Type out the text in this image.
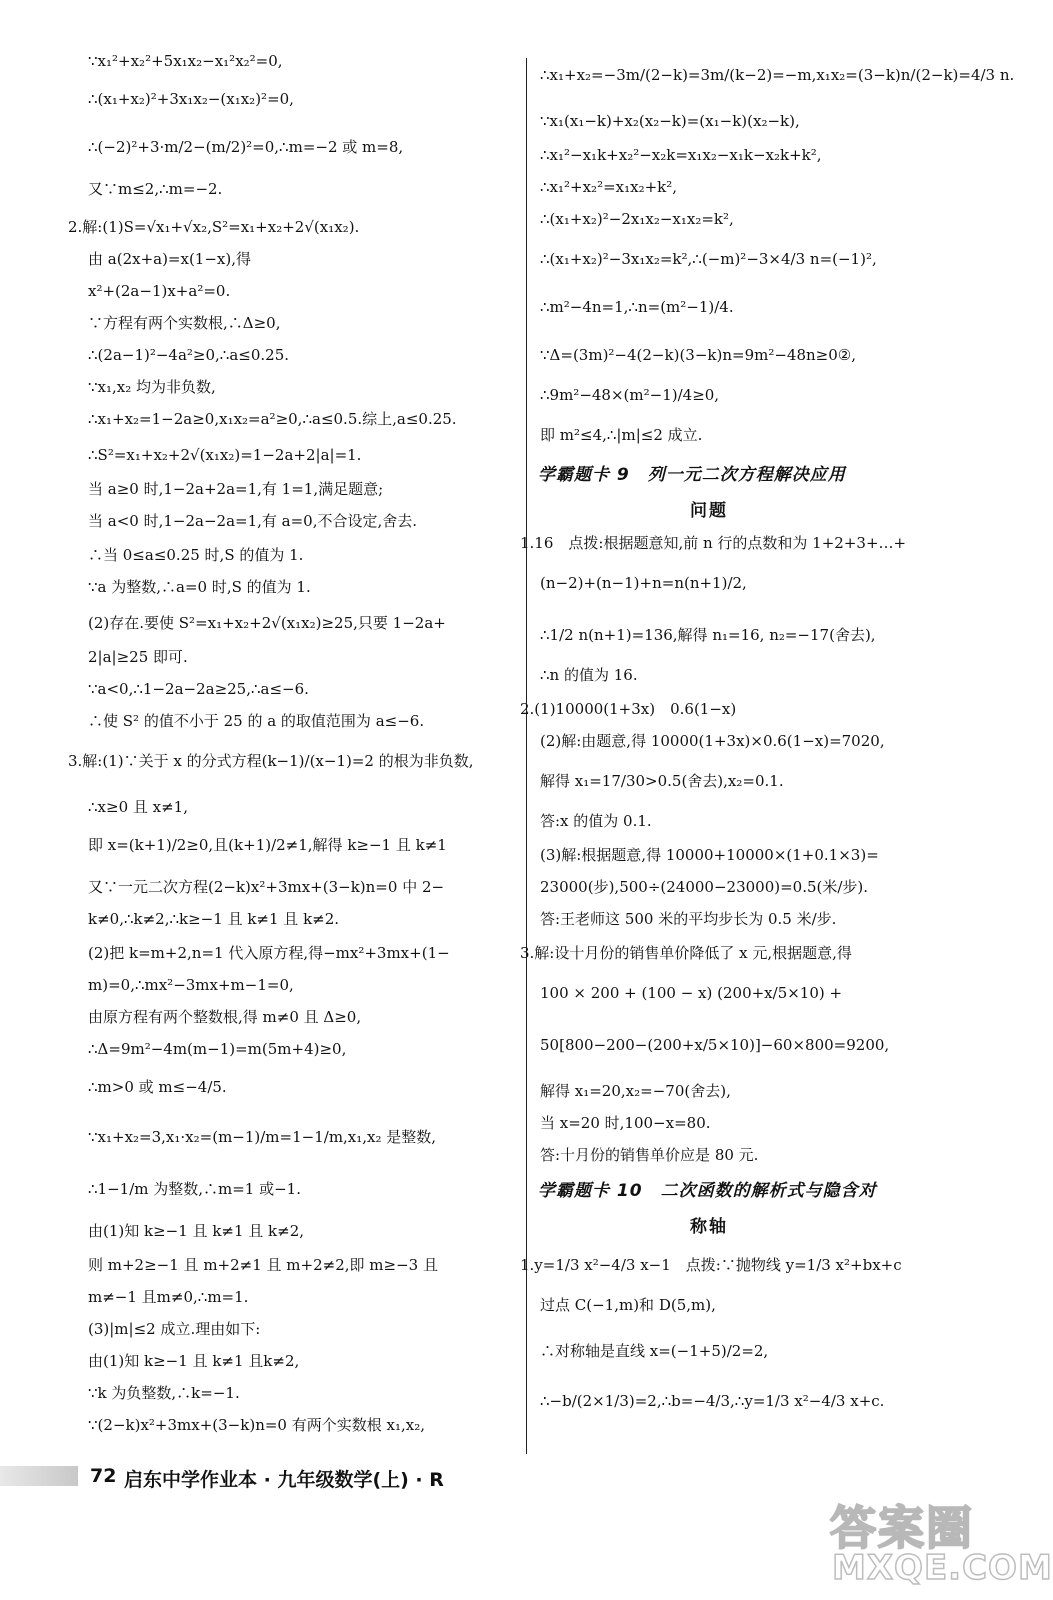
∵x₁²+x₂²+5x₁x₂−x₁²x₂²=0,
∴(x₁+x₂)²+3x₁x₂−(x₁x₂)²=0,
∴(−2)²+3·m/2−(m/2)²=0,∴m=−2 或 m=8,
又∵m≤2,∴m=−2.
2.解:(1)S=√x₁+√x₂,S²=x₁+x₂+2√(x₁x₂).
由 a(2x+a)=x(1−x),得
x²+(2a−1)x+a²=0.
∵方程有两个实数根,∴Δ≥0,
∴(2a−1)²−4a²≥0,∴a≤0.25.
∵x₁,x₂ 均为非负数,
∴x₁+x₂=1−2a≥0,x₁x₂=a²≥0,∴a≤0.5.综上,a≤0.25.
∴S²=x₁+x₂+2√(x₁x₂)=1−2a+2|a|=1.
当 a≥0 时,1−2a+2a=1,有 1=1,满足题意;
当 a<0 时,1−2a−2a=1,有 a=0,不合设定,舍去.
∴当 0≤a≤0.25 时,S 的值为 1.
∵a 为整数,∴a=0 时,S 的值为 1.
(2)存在.要使 S²=x₁+x₂+2√(x₁x₂)≥25,只要 1−2a+
2|a|≥25 即可.
∵a<0,∴1−2a−2a≥25,∴a≤−6.
∴使 S² 的值不小于 25 的 a 的取值范围为 a≤−6.
3.解:(1)∵关于 x 的分式方程(k−1)/(x−1)=2 的根为非负数,
∴x≥0 且 x≠1,
即 x=(k+1)/2≥0,且(k+1)/2≠1,解得 k≥−1 且 k≠1
又∵一元二次方程(2−k)x²+3mx+(3−k)n=0 中 2−
k≠0,∴k≠2,∴k≥−1 且 k≠1 且 k≠2.
(2)把 k=m+2,n=1 代入原方程,得−mx²+3mx+(1−
m)=0,∴mx²−3mx+m−1=0,
由原方程有两个整数根,得 m≠0 且 Δ≥0,
∴Δ=9m²−4m(m−1)=m(5m+4)≥0,
∴m>0 或 m≤−4/5.
∵x₁+x₂=3,x₁·x₂=(m−1)/m=1−1/m,x₁,x₂ 是整数,
∴1−1/m 为整数,∴m=1 或−1.
由(1)知 k≥−1 且 k≠1 且 k≠2,
则 m+2≥−1 且 m+2≠1 且 m+2≠2,即 m≥−3 且
m≠−1 且m≠0,∴m=1.
(3)|m|≤2 成立.理由如下:
由(1)知 k≥−1 且 k≠1 且k≠2,
∵k 为负整数,∴k=−1.
∵(2−k)x²+3mx+(3−k)n=0 有两个实数根 x₁,x₂,
∴x₁+x₂=−3m/(2−k)=3m/(k−2)=−m,x₁x₂=(3−k)n/(2−k)=4/3 n.
∵x₁(x₁−k)+x₂(x₂−k)=(x₁−k)(x₂−k),
∴x₁²−x₁k+x₂²−x₂k=x₁x₂−x₁k−x₂k+k²,
∴x₁²+x₂²=x₁x₂+k²,
∴(x₁+x₂)²−2x₁x₂−x₁x₂=k²,
∴(x₁+x₂)²−3x₁x₂=k²,∴(−m)²−3×4/3 n=(−1)²,
∴m²−4n=1,∴n=(m²−1)/4.
∵Δ=(3m)²−4(2−k)(3−k)n=9m²−48n≥0②,
∴9m²−48×(m²−1)/4≥0,
即 m²≤4,∴|m|≤2 成立.
学霸题卡 9　列一元二次方程解决应用
问题
1.16　点拨:根据题意知,前 n 行的点数和为 1+2+3+…+
(n−2)+(n−1)+n=n(n+1)/2,
∴1/2 n(n+1)=136,解得 n₁=16, n₂=−17(舍去),
∴n 的值为 16.
2.(1)10000(1+3x)　0.6(1−x)
(2)解:由题意,得 10000(1+3x)×0.6(1−x)=7020,
解得 x₁=17/30>0.5(舍去),x₂=0.1.
答:x 的值为 0.1.
(3)解:根据题意,得 10000+10000×(1+0.1×3)=
23000(步),500÷(24000−23000)=0.5(米/步).
答:王老师这 500 米的平均步长为 0.5 米/步.
3.解:设十月份的销售单价降低了 x 元,根据题意,得
100 × 200 + (100 − x) (200+x/5×10) +
50[800−200−(200+x/5×10)]−60×800=9200,
解得 x₁=20,x₂=−70(舍去),
当 x=20 时,100−x=80.
答:十月份的销售单价应是 80 元.
学霸题卡 10　二次函数的解析式与隐含对
称轴
1.y=1/3 x²−4/3 x−1　点拨:∵抛物线 y=1/3 x²+bx+c
过点 C(−1,m)和 D(5,m),
∴对称轴是直线 x=(−1+5)/2=2,
∴−b/(2×1/3)=2,∴b=−4/3,∴y=1/3 x²−4/3 x+c.
72 启东中学作业本 · 九年级数学(上) · R
答案圈
MXQE.COM
